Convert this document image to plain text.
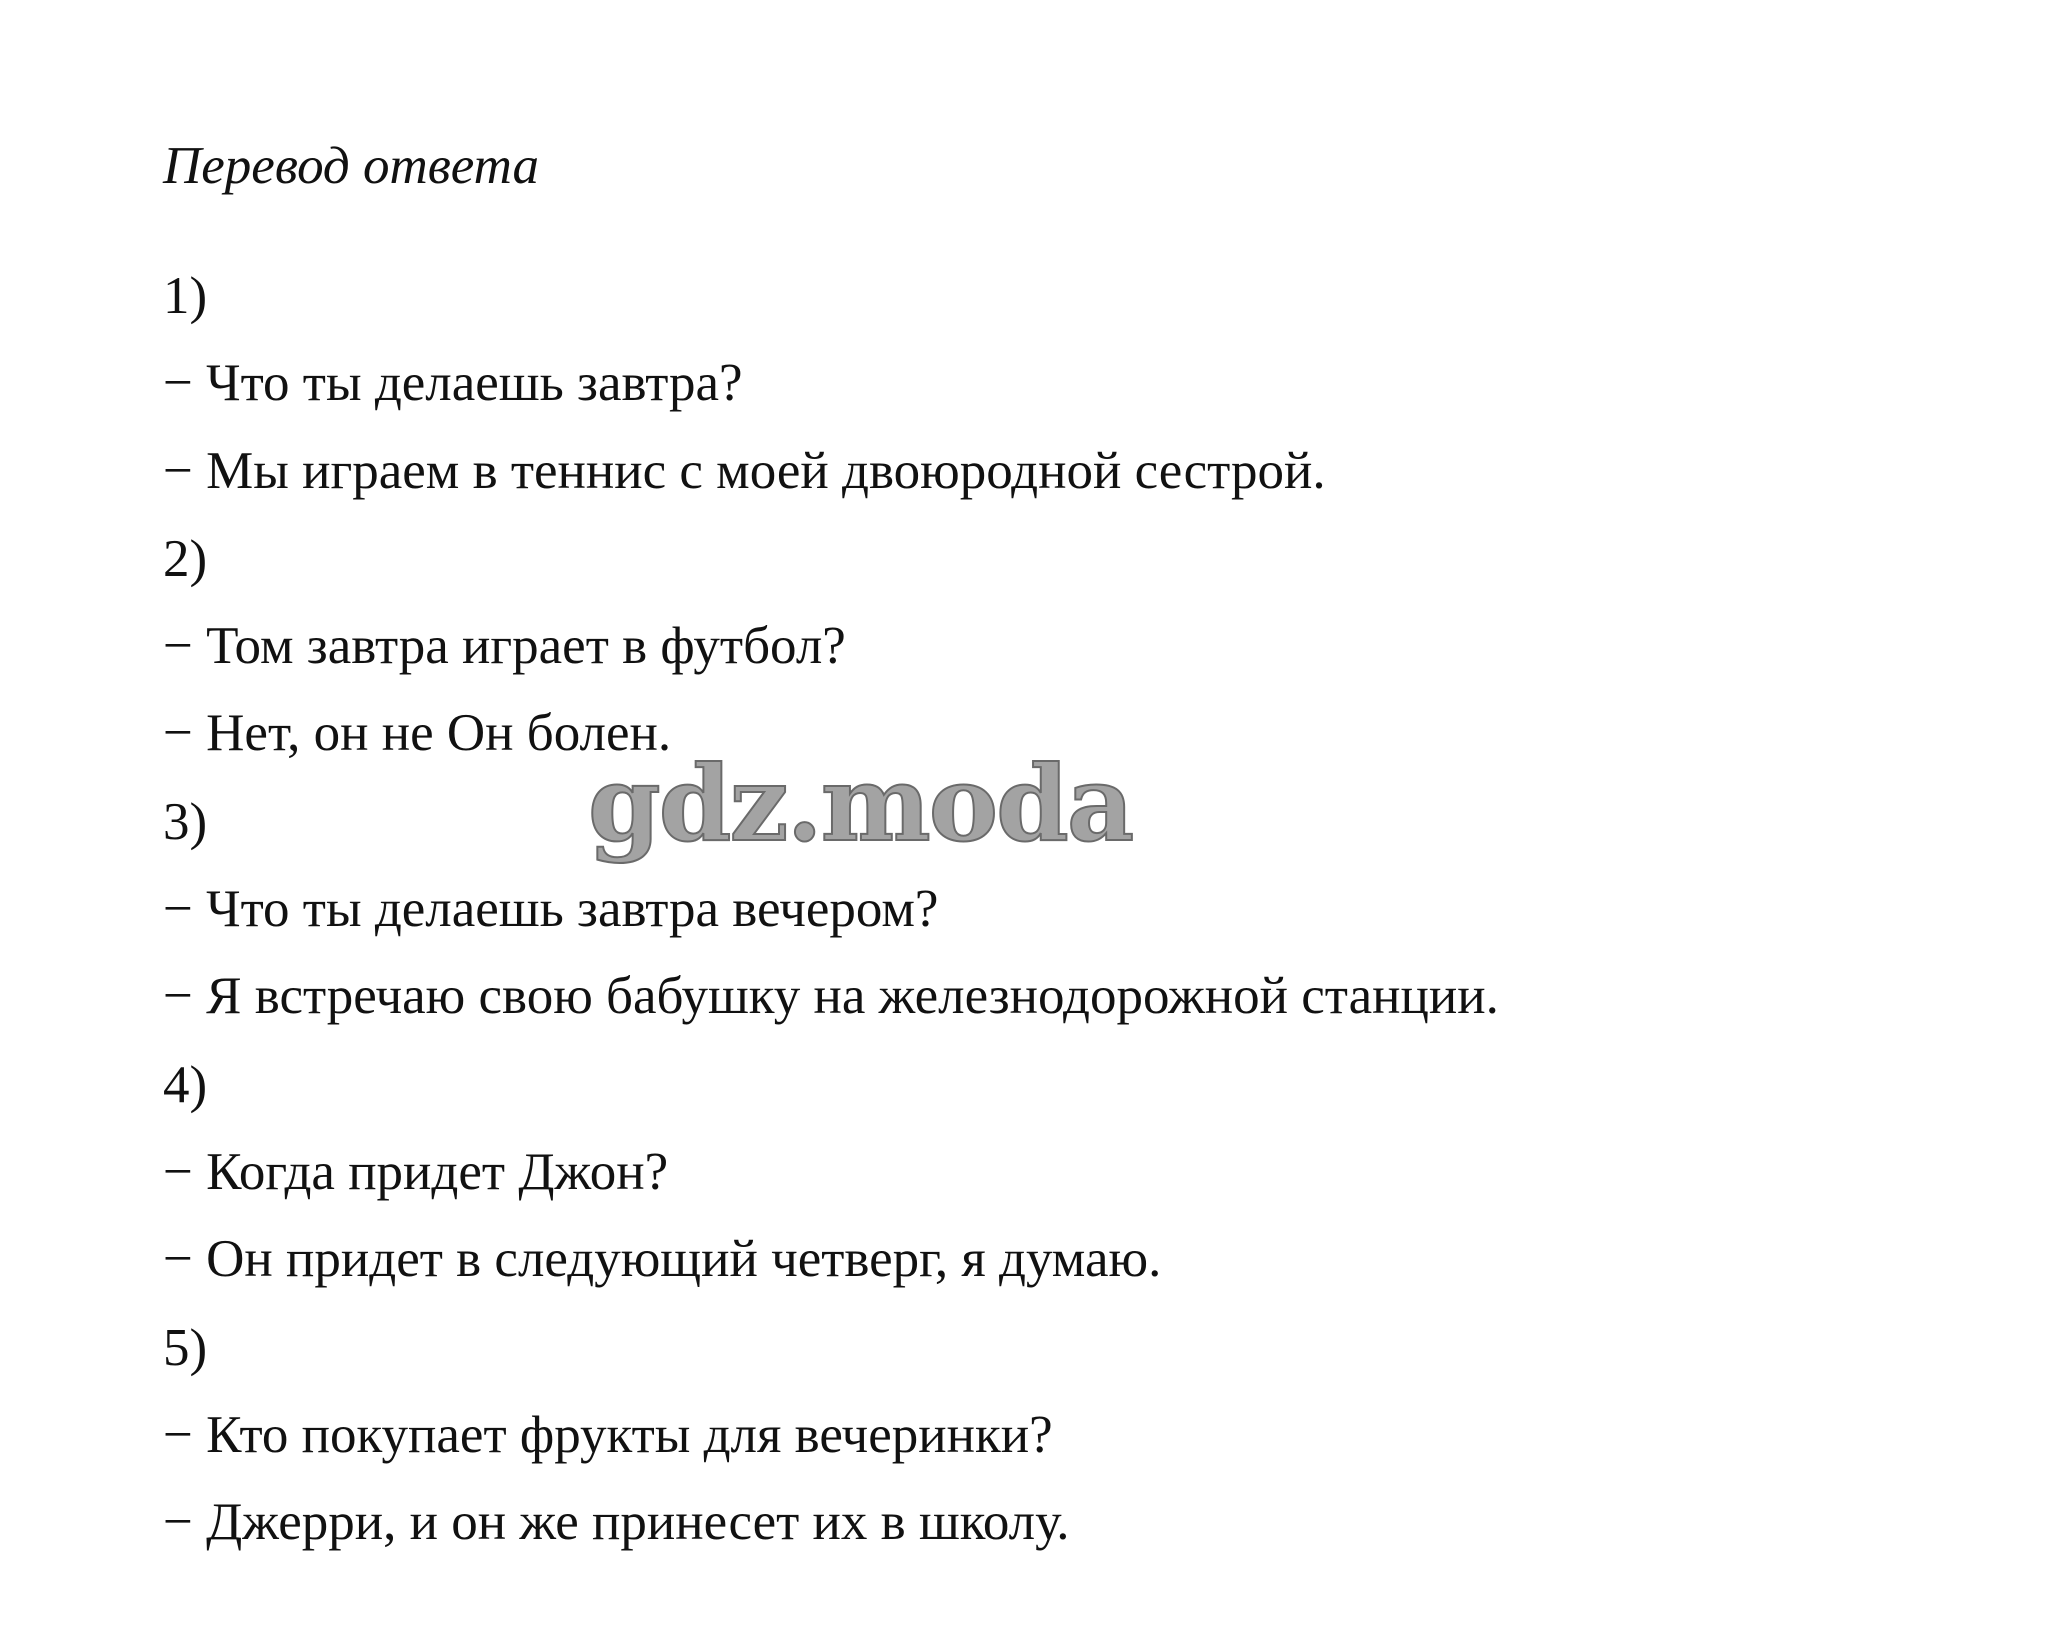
Перевод ответа
1)
− Что ты делаешь завтра?
− Мы играем в теннис с моей двоюродной сестрой.
2)
− Том завтра играет в футбол?
− Нет, он не Он болен.
3)
− Что ты делаешь завтра вечером?
− Я встречаю свою бабушку на железнодорожной станции.
4)
− Когда придет Джон?
− Он придет в следующий четверг, я думаю.
5)
− Кто покупает фрукты для вечеринки?
− Джерри, и он же принесет их в школу.
gdz.moda
